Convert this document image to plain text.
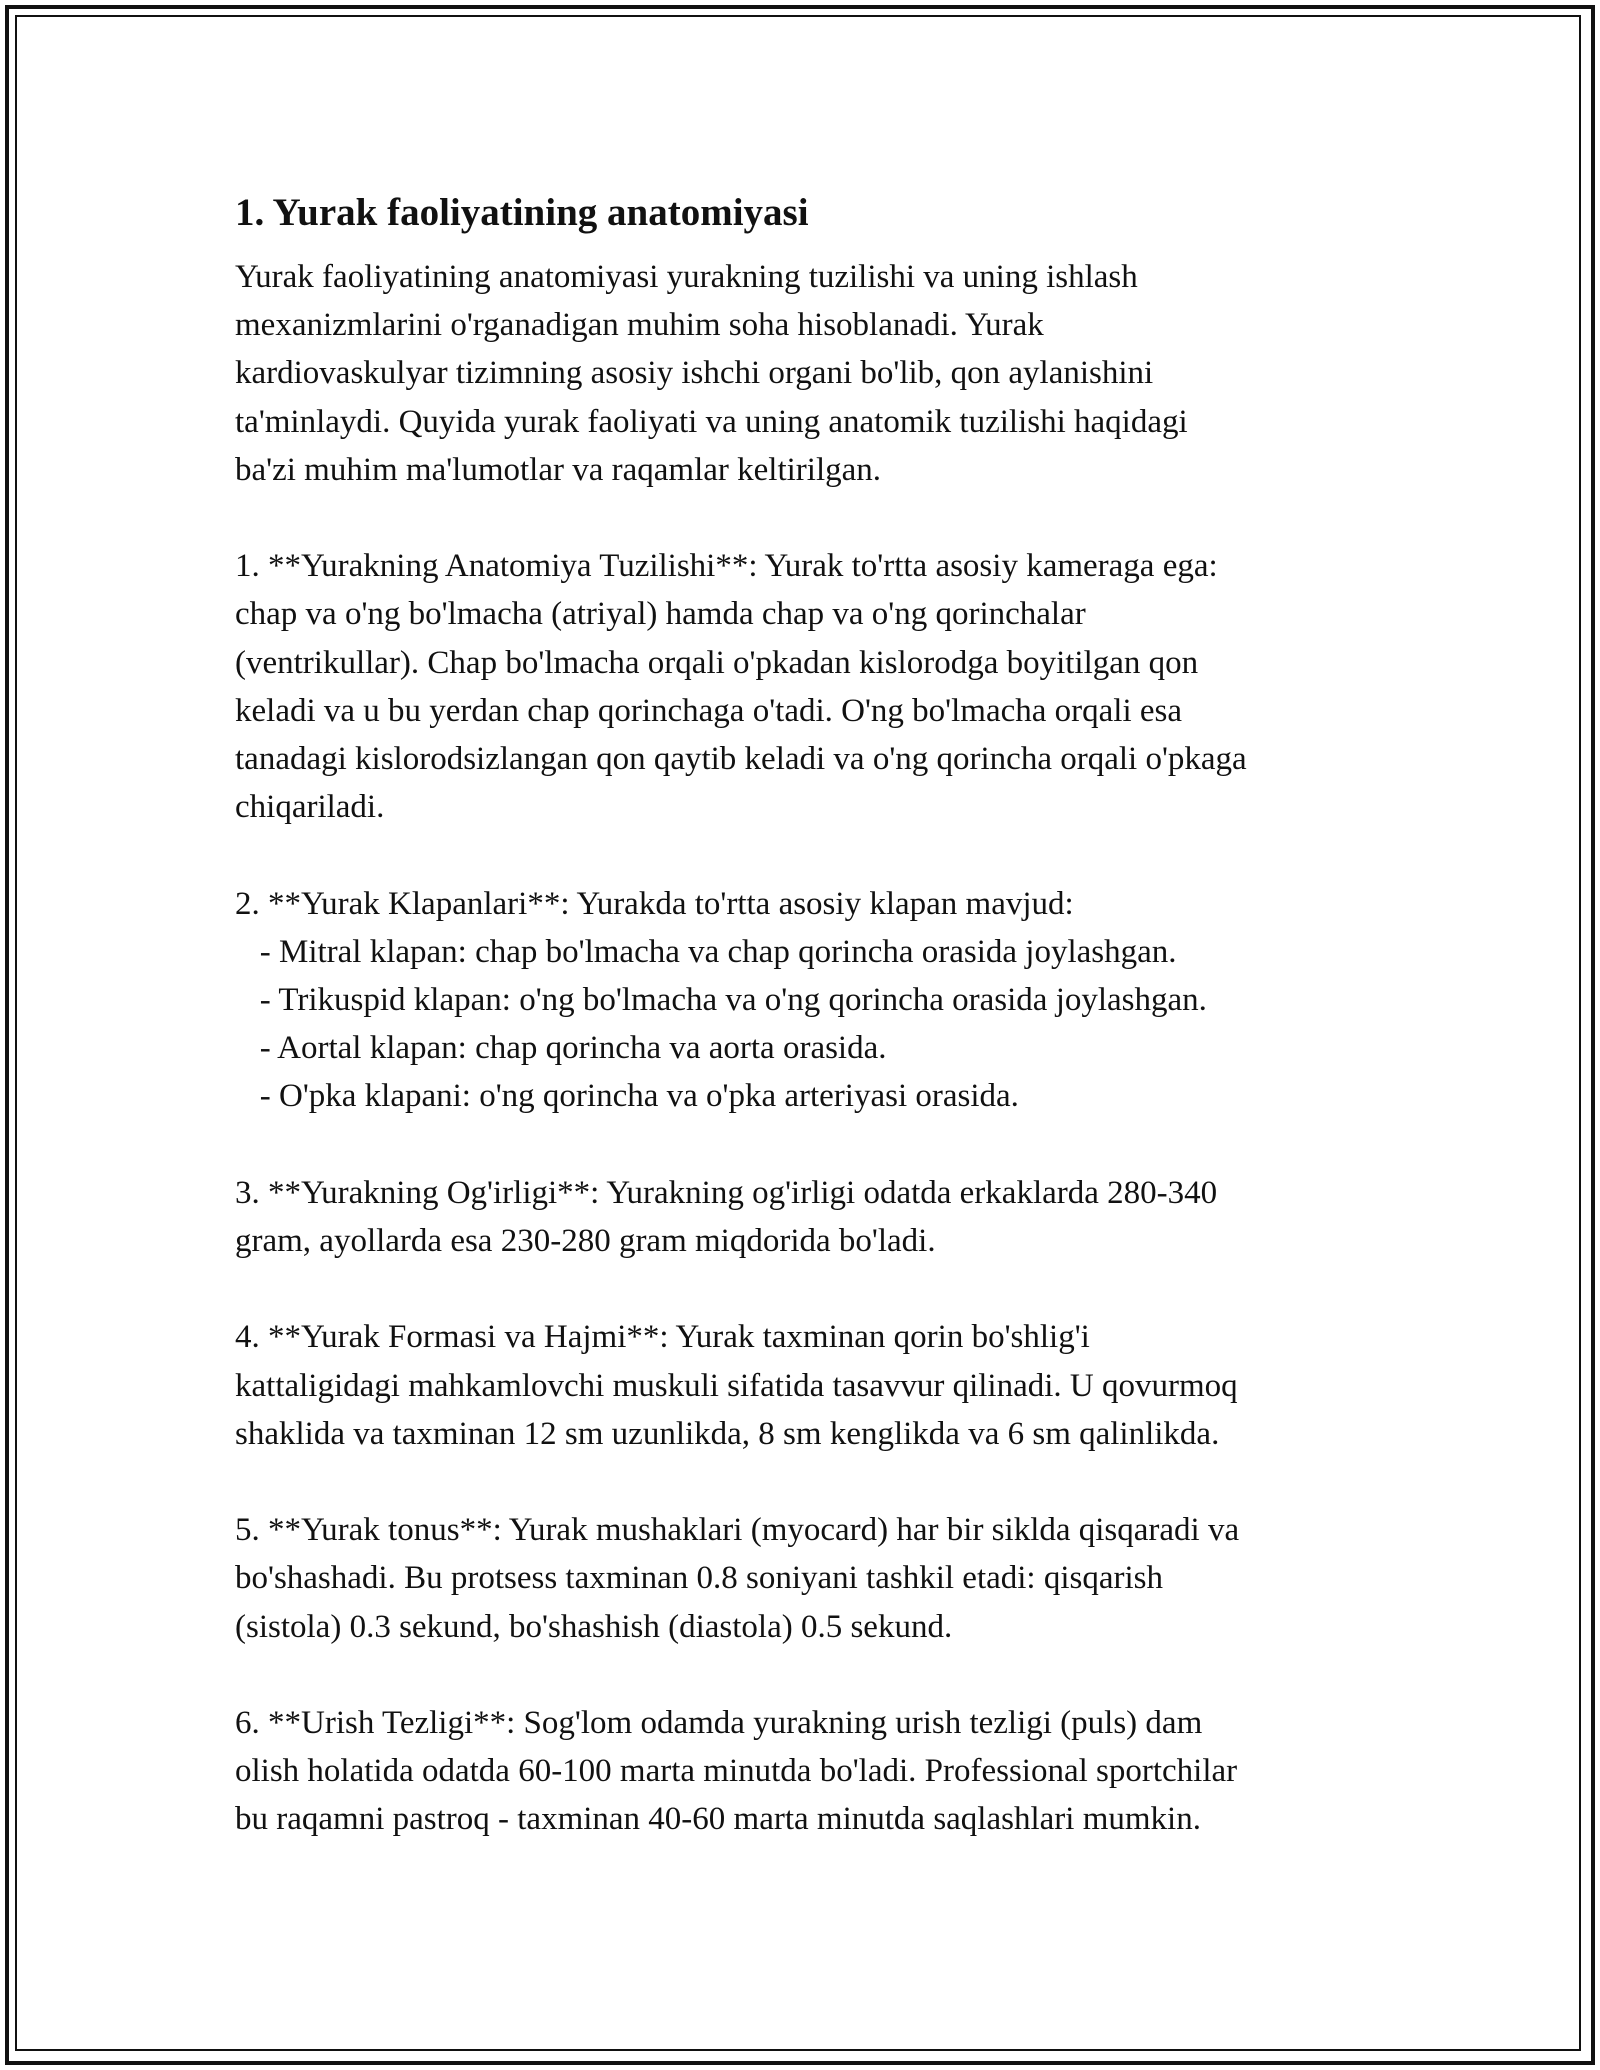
1. Yurak faoliyatining anatomiyasi

Yurak faoliyatining anatomiyasi yurakning tuzilishi va uning ishlash

mexanizmlarini o'rganadigan muhim soha hisoblanadi. Yurak

kardiovaskulyar tizimning asosiy ishchi organi bo'lib, qon aylanishini

ta'minlaydi. Quyida yurak faoliyati va uning anatomik tuzilishi haqidagi

ba'zi muhim ma'lumotlar va raqamlar keltirilgan.

1. **Yurakning Anatomiya Tuzilishi**: Yurak to'rtta asosiy kameraga ega:

chap va o'ng bo'lmacha (atriyal) hamda chap va o'ng qorinchalar

(ventrikullar). Chap bo'lmacha orqali o'pkadan kislorodga boyitilgan qon

keladi va u bu yerdan chap qorinchaga o'tadi. O'ng bo'lmacha orqali esa

tanadagi kislorodsizlangan qon qaytib keladi va o'ng qorincha orqali o'pkaga

chiqariladi.

2. **Yurak Klapanlari**: Yurakda to'rtta asosiy klapan mavjud:

- Mitral klapan: chap bo'lmacha va chap qorincha orasida joylashgan.

- Trikuspid klapan: o'ng bo'lmacha va o'ng qorincha orasida joylashgan.

- Aortal klapan: chap qorincha va aorta orasida.

- O'pka klapani: o'ng qorincha va o'pka arteriyasi orasida.

3. **Yurakning Og'irligi**: Yurakning og'irligi odatda erkaklarda 280-340

gram, ayollarda esa 230-280 gram miqdorida bo'ladi.

4. **Yurak Formasi va Hajmi**: Yurak taxminan qorin bo'shlig'i

kattaligidagi mahkamlovchi muskuli sifatida tasavvur qilinadi. U qovurmoq

shaklida va taxminan 12 sm uzunlikda, 8 sm kenglikda va 6 sm qalinlikda.

5. **Yurak tonus**: Yurak mushaklari (myocard) har bir siklda qisqaradi va

bo'shashadi. Bu protsess taxminan 0.8 soniyani tashkil etadi: qisqarish

(sistola) 0.3 sekund, bo'shashish (diastola) 0.5 sekund.

6. **Urish Tezligi**: Sog'lom odamda yurakning urish tezligi (puls) dam

olish holatida odatda 60-100 marta minutda bo'ladi. Professional sportchilar

bu raqamni pastroq - taxminan 40-60 marta minutda saqlashlari mumkin.
